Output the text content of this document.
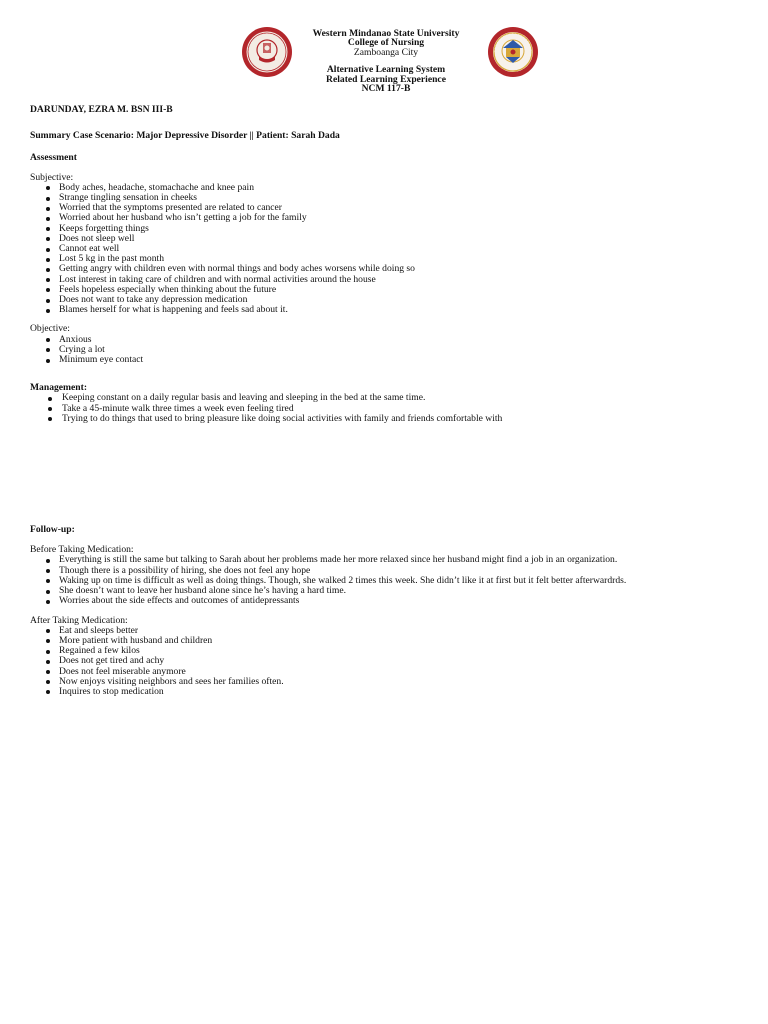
Western Mindanao State University
College of Nursing
Zamboanga City
Alternative Learning System
Related Learning Experience
NCM 117-B

DARUNDAY, EZRA M. BSN III-B

Summary Case Scenario: Major Depressive Disorder || Patient: Sarah Dada

Assessment

Subjective:

Body aches, headache, stomachache and knee pain
Strange tingling sensation in cheeks
Worried that the symptoms presented are related to cancer
Worried about her husband who isn’t getting a job for the family
Keeps forgetting things
Does not sleep well
Cannot eat well
Lost 5 kg in the past month
Getting angry with children even with normal things and body aches worsens while doing so
Lost interest in taking care of children and with normal activities around the house
Feels hopeless especially when thinking about the future
Does not want to take any depression medication
Blames herself for what is happening and feels sad about it.

Objective:

Anxious
Crying a lot
Minimum eye contact

Management:

Keeping constant on a daily regular basis and leaving and sleeping in the bed at the same time.
Take a 45-minute walk three times a week even feeling tired
Trying to do things that used to bring pleasure like doing social activities with family and friends comfortable with

Follow-up:

Before Taking Medication:

Everything is still the same but talking to Sarah about her problems made her more relaxed since her husband might find a job in an organization.
Though there is a possibility of hiring, she does not feel any hope
Waking up on time is difficult as well as doing things. Though, she walked 2 times this week. She didn’t like it at first but it felt better afterwardrds.
She doesn’t want to leave her husband alone since he’s having a hard time.
Worries about the side effects and outcomes of antidepressants

After Taking Medication:

Eat and sleeps better
More patient with husband and children
Regained a few kilos
Does not get tired and achy
Does not feel miserable anymore
Now enjoys visiting neighbors and sees her families often.
Inquires to stop medication
